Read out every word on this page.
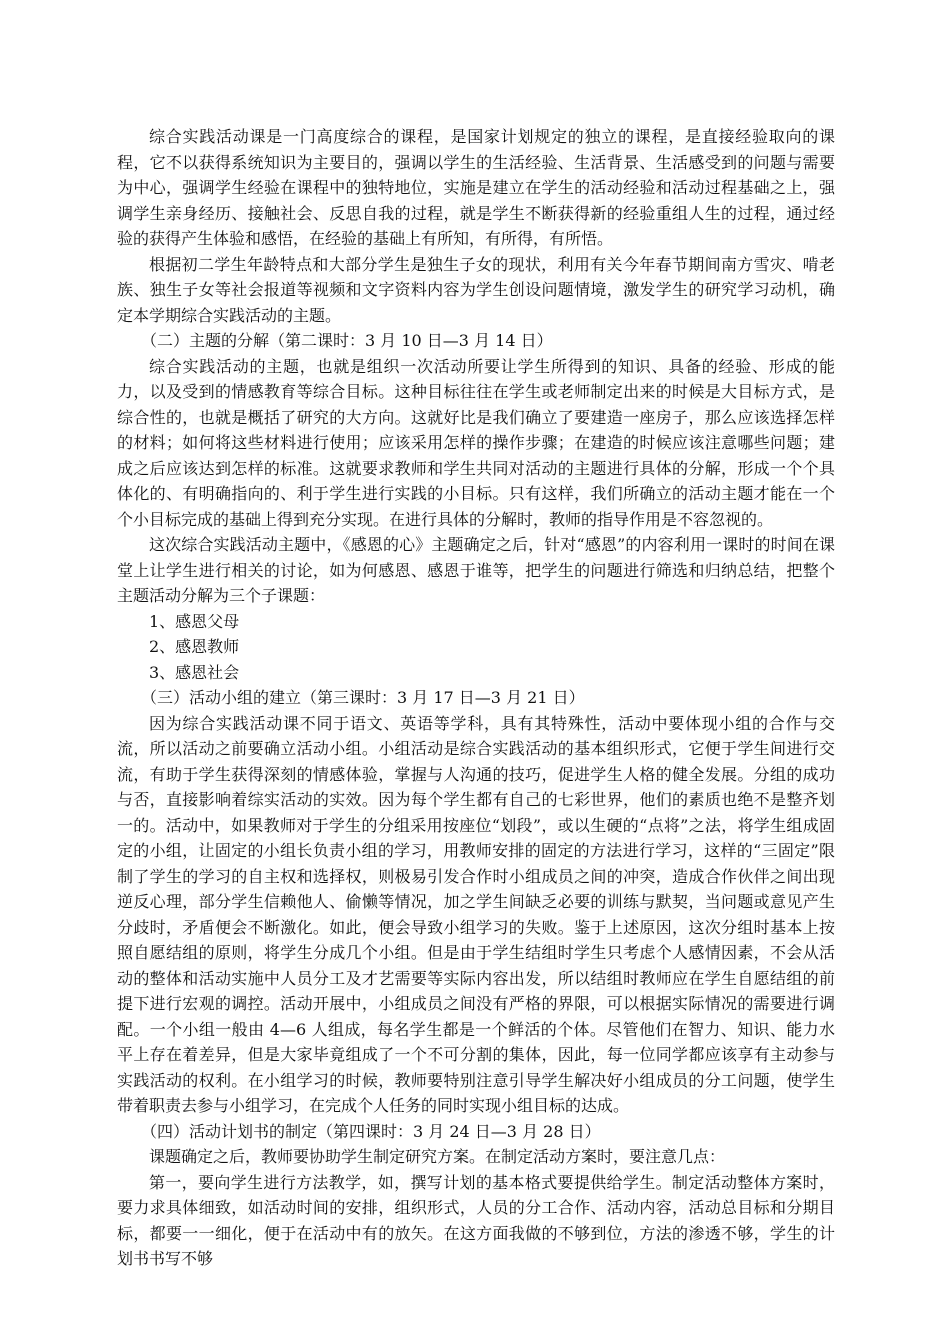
综合实践活动课是一门高度综合的课程，是国家计划规定的独立的课程，是直接经验取向的课程，它不以获得系统知识为主要目的，强调以学生的生活经验、生活背景、生活感受到的问题与需要为中心，强调学生经验在课程中的独特地位，实施是建立在学生的活动经验和活动过程基础之上，强调学生亲身经历、接触社会、反思自我的过程，就是学生不断获得新的经验重组人生的过程，通过经验的获得产生体验和感悟，在经验的基础上有所知，有所得，有所悟。

根据初二学生年龄特点和大部分学生是独生子女的现状，利用有关今年春节期间南方雪灾、啃老族、独生子女等社会报道等视频和文字资料内容为学生创设问题情境，激发学生的研究学习动机，确定本学期综合实践活动的主题。

（二）主题的分解（第二课时：3 月 10 日—3 月 14 日）

综合实践活动的主题，也就是组织一次活动所要让学生所得到的知识、具备的经验、形成的能力，以及受到的情感教育等综合目标。这种目标往往在学生或老师制定出来的时候是大目标方式，是综合性的，也就是概括了研究的大方向。这就好比是我们确立了要建造一座房子，那么应该选择怎样的材料；如何将这些材料进行使用；应该采用怎样的操作步骤；在建造的时候应该注意哪些问题；建成之后应该达到怎样的标准。这就要求教师和学生共同对活动的主题进行具体的分解，形成一个个具体化的、有明确指向的、利于学生进行实践的小目标。只有这样，我们所确立的活动主题才能在一个个小目标完成的基础上得到充分实现。在进行具体的分解时，教师的指导作用是不容忽视的。

这次综合实践活动主题中，《感恩的心》主题确定之后，针对“感恩”的内容利用一课时的时间在课堂上让学生进行相关的讨论，如为何感恩、感恩于谁等，把学生的问题进行筛选和归纳总结，把整个主题活动分解为三个子课题：

1、感恩父母

2、感恩教师

3、感恩社会

（三）活动小组的建立（第三课时：3 月 17 日—3 月 21 日）

因为综合实践活动课不同于语文、英语等学科，具有其特殊性，活动中要体现小组的合作与交流，所以活动之前要确立活动小组。小组活动是综合实践活动的基本组织形式，它便于学生间进行交流，有助于学生获得深刻的情感体验，掌握与人沟通的技巧，促进学生人格的健全发展。分组的成功与否，直接影响着综实活动的实效。因为每个学生都有自己的七彩世界，他们的素质也绝不是整齐划一的。活动中，如果教师对于学生的分组采用按座位“划段”，或以生硬的“点将”之法，将学生组成固定的小组，让固定的小组长负责小组的学习，用教师安排的固定的方法进行学习，这样的“三固定”限制了学生的学习的自主权和选择权，则极易引发合作时小组成员之间的冲突，造成合作伙伴之间出现逆反心理，部分学生信赖他人、偷懒等情况，加之学生间缺乏必要的训练与默契，当问题或意见产生分歧时，矛盾便会不断激化。如此，便会导致小组学习的失败。鉴于上述原因，这次分组时基本上按照自愿结组的原则，将学生分成几个小组。但是由于学生结组时学生只考虑个人感情因素，不会从活动的整体和活动实施中人员分工及才艺需要等实际内容出发，所以结组时教师应在学生自愿结组的前提下进行宏观的调控。活动开展中，小组成员之间没有严格的界限，可以根据实际情况的需要进行调配。一个小组一般由 4—6 人组成，每名学生都是一个鲜活的个体。尽管他们在智力、知识、能力水平上存在着差异，但是大家毕竟组成了一个不可分割的集体，因此，每一位同学都应该享有主动参与实践活动的权利。在小组学习的时候，教师要特别注意引导学生解决好小组成员的分工问题，使学生带着职责去参与小组学习，在完成个人任务的同时实现小组目标的达成。

（四）活动计划书的制定（第四课时：3 月 24 日—3 月 28 日）

课题确定之后，教师要协助学生制定研究方案。在制定活动方案时，要注意几点：

第一，要向学生进行方法教学，如，撰写计划的基本格式要提供给学生。制定活动整体方案时，要力求具体细致，如活动时间的安排，组织形式，人员的分工合作、活动内容，活动总目标和分期目标，都要一一细化，便于在活动中有的放矢。在这方面我做的不够到位，方法的渗透不够，学生的计划书书写不够
